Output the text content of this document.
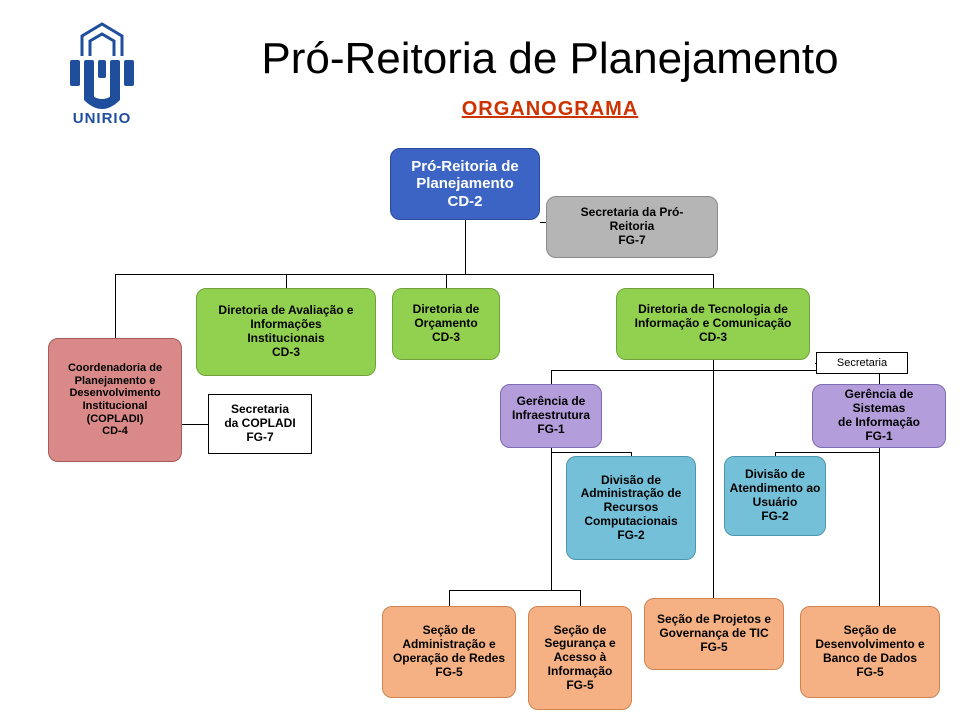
UNIRIO
Pró-Reitoria de Planejamento
ORGANOGRAMA
Pró-Reitoria de
Planejamento
CD-2
Secretaria da Pró-
Reitoria
FG-7
Coordenadoria de
Planejamento e
Desenvolvimento
Institucional
(COPLADI)
CD-4
Secretaria
da COPLADI
FG-7
Diretoria de Avaliação e
Informações
Institucionais
CD-3
Diretoria de
Orçamento
CD-3
Diretoria de Tecnologia de
Informação e Comunicação
CD-3
Secretaria
Gerência de
Infraestrutura
FG-1
Gerência de Sistemas
de Informação
FG-1
Divisão de
Administração de
Recursos
Computacionais
FG-2
Divisão de
Atendimento ao
Usuário
FG-2
Seção de
Administração e
Operação de Redes
FG-5
Seção de
Segurança e
Acesso à
Informação
FG-5
Seção de Projetos e
Governança de TIC
FG-5
Seção de
Desenvolvimento e
Banco de Dados
FG-5
